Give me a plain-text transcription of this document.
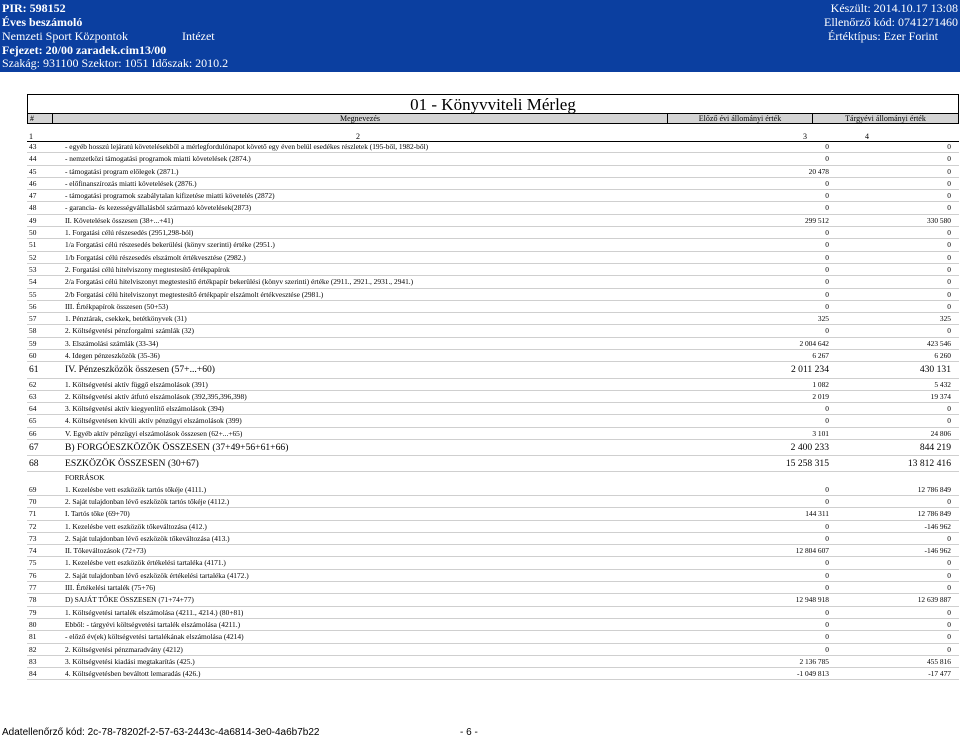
PIR: 598152
Éves beszámoló
Nemzeti Sport Központok	Intézet
Fejezet: 20/00 zaradek.cim13/00
Szakág: 931100 Szektor: 1051 Időszak: 2010.2
Készült: 2014.10.17 13:08
Ellenőrző kód: 0741271460
Értéktípus: Ezer Forint
01 - Könyvviteli Mérleg
#	Megnevezés	Előző évi állományi érték	Tárgyévi állományi érték
1	2	3	4
43	- egyéb hosszú lejáratú követelésekből a mérlegfordulónapot követő egy éven belül esedékes részletek (195-ből, 1982-ből)	0	0
44	- nemzetközi támogatási programok miatti követelések (2874.)	0	0
45	- támogatási program előlegek (2871.)	20 478	0
46	- előfinanszírozás miatti követelések (2876.)	0	0
47	- támogatási programok szabálytalan kifizetése miatti követelés (2872)	0	0
48	- garancia- és kezességvállalásból származó követelések(2873)	0	0
49	II. Követelések összesen (38+...+41)	299 512	330 580
50	1. Forgatási célú részesedés (2951,298-ból)	0	0
51	1/a Forgatási célú részesedés bekerülési (könyv szerinti) értéke (2951.)	0	0
52	1/b Forgatási célú részesedés elszámolt értékvesztése (2982.)	0	0
53	2. Forgatási célú hitelviszony megtestesítő értékpapírok	0	0
54	2/a Forgatási célú hitelviszonyt megtestesítő értékpapír bekerülési (könyv szerinti) értéke (2911., 2921., 2931., 2941.)	0	0
55	2/b Forgatási célú hitelviszonyt megtestesítő értékpapír elszámolt értékvesztése (2981.)	0	0
56	III. Értékpapírok összesen (50+53)	0	0
57	1. Pénztárak, csekkek, betétkönyvek (31)	325	325
58	2. Költségvetési pénzforgalmi számlák (32)	0	0
59	3. Elszámolási számlák (33-34)	2 004 642	423 546
60	4. Idegen pénzeszközök (35-36)	6 267	6 260
61	IV. Pénzeszközök összesen (57+...+60)	2 011 234	430 131
62	1. Költségvetési aktív függő elszámolások (391)	1 082	5 432
63	2. Költségvetési aktív átfutó elszámolások (392,395,396,398)	2 019	19 374
64	3. Költségvetési aktív kiegyenlítő elszámolások (394)	0	0
65	4. Költségvetésen kívüli aktív pénzügyi elszámolások (399)	0	0
66	V. Egyéb aktív pénzügyi elszámolások összesen (62+...+65)	3 101	24 806
67	B) FORGÓESZKÖZÖK ÖSSZESEN (37+49+56+61+66)	2 400 233	844 219
68	ESZKÖZÖK ÖSSZESEN (30+67)	15 258 315	13 812 416
FORRÁSOK
69	1. Kezelésbe vett eszközök tartós tőkéje (4111.)	0	12 786 849
70	2. Saját tulajdonban lévő eszközök tartós tőkéje (4112.)	0	0
71	I. Tartós tőke (69+70)	144 311	12 786 849
72	1. Kezelésbe vett eszközök tőkeváltozása (412.)	0	-146 962
73	2. Saját tulajdonban lévő eszközök tőkeváltozása (413.)	0	0
74	II. Tőkeváltozások (72+73)	12 804 607	-146 962
75	1. Kezelésbe vett eszközök értékelési tartaléka (4171.)	0	0
76	2. Saját tulajdonban lévő eszközök értékelési tartaléka (4172.)	0	0
77	III. Értékelési tartalék (75+76)	0	0
78	D) SAJÁT TŐKE ÖSSZESEN (71+74+77)	12 948 918	12 639 887
79	1. Költségvetési tartalék elszámolása (4211., 4214.) (80+81)	0	0
80	Ebből: - tárgyévi költségvetési tartalék elszámolása (4211.)	0	0
81	- előző év(ek) költségvetési tartalékának elszámolása (4214)	0	0
82	2. Költségvetési pénzmaradvány (4212)	0	0
83	3. Költségvetési kiadási megtakarítás (425.)	2 136 785	455 816
84	4. Költségvetésben beváltott lemaradás (426.)	-1 049 813	-17 477
Adatellenőrző kód: 2c-78-78202f-2-57-63-2443c-4a6814-3e0-4a6b7b22	- 6 -
